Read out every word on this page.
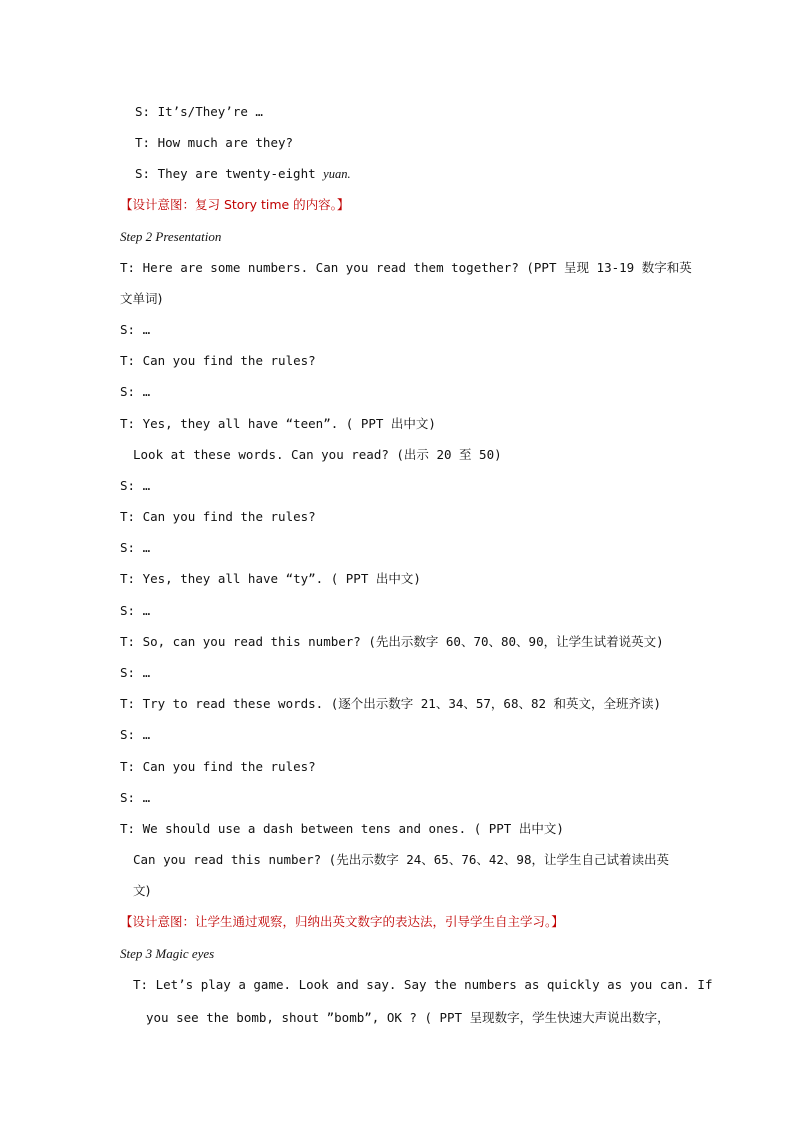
S: It’s/They’re …
T: How much are they?
S: They are twenty-eight yuan.
【设计意图：复习 Story time 的内容。】
Step 2 Presentation
T: Here are some numbers. Can you read them together? (PPT 呈现 13-19 数字和英
文单词)
S: …
T: Can you find the rules?
S: …
T: Yes, they all have “teen”. ( PPT 出中文)
Look at these words. Can you read? (出示 20 至 50)
S: …
T: Can you find the rules?
S: …
T: Yes, they all have “ty”. ( PPT 出中文)
S: …
T: So, can you read this number? (先出示数字 60、70、80、90，让学生试着说英文)
S: …
T: Try to read these words. (逐个出示数字 21、34、57，68、82 和英文，全班齐读)
S: …
T: Can you find the rules?
S: …
T: We should use a dash between tens and ones. ( PPT 出中文)
Can you read this number? (先出示数字 24、65、76、42、98，让学生自己试着读出英
文)
【设计意图：让学生通过观察，归纳出英文数字的表达法，引导学生自主学习。】
Step 3 Magic eyes
T: Let’s play a game. Look and say. Say the numbers as quickly as you can. If
you see the bomb, shout ”bomb”, OK ? ( PPT 呈现数字，学生快速大声说出数字，
